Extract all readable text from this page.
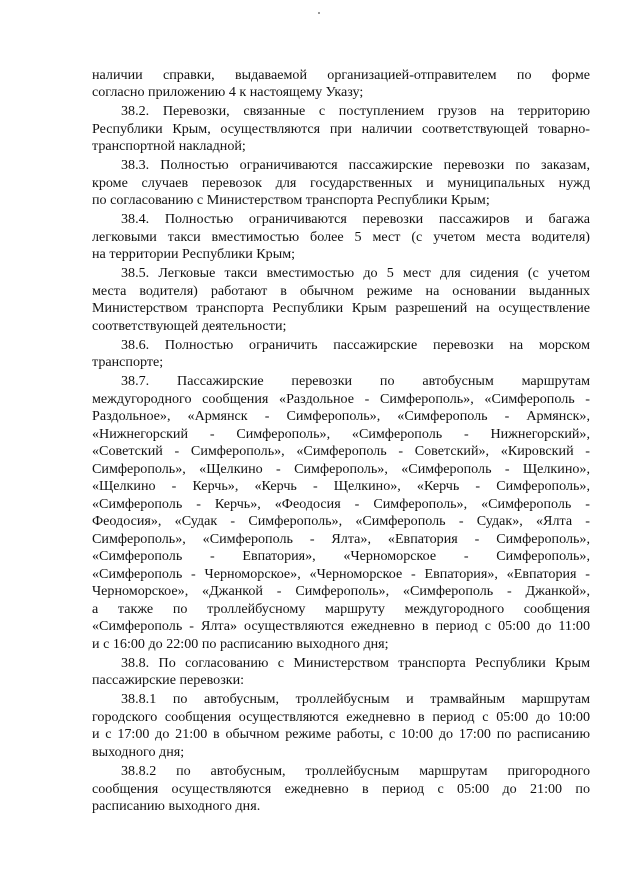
наличии справки, выдаваемой организацией-отправителем по форме
согласно приложению 4 к настоящему Указу;
38.2. Перевозки, связанные с поступлением грузов на территорию
Республики Крым, осуществляются при наличии соответствующей товарно-
транспортной накладной;
38.3. Полностью ограничиваются пассажирские перевозки по заказам,
кроме случаев перевозок для государственных и муниципальных нужд
по согласованию с Министерством транспорта Республики Крым;
38.4. Полностью ограничиваются перевозки пассажиров и багажа
легковыми такси вместимостью более 5 мест (с учетом места водителя)
на территории Республики Крым;
38.5. Легковые такси вместимостью до 5 мест для сидения (с учетом
места водителя) работают в обычном режиме на основании выданных
Министерством транспорта Республики Крым разрешений на осуществление
соответствующей деятельности;
38.6. Полностью ограничить пассажирские перевозки на морском
транспорте;
38.7. Пассажирские перевозки по автобусным маршрутам
междугородного сообщения «Раздольное - Симферополь», «Симферополь -
Раздольное», «Армянск - Симферополь», «Симферополь - Армянск»,
«Нижнегорский - Симферополь», «Симферополь - Нижнегорский»,
«Советский - Симферополь», «Симферополь - Советский», «Кировский -
Симферополь», «Щелкино - Симферополь», «Симферополь - Щелкино»,
«Щелкино - Керчь», «Керчь - Щелкино», «Керчь - Симферополь»,
«Симферополь - Керчь», «Феодосия - Симферополь», «Симферополь -
Феодосия», «Судак - Симферополь», «Симферополь - Судак», «Ялта -
Симферополь», «Симферополь - Ялта», «Евпатория - Симферополь»,
«Симферополь - Евпатория», «Черноморское - Симферополь»,
«Симферополь - Черноморское», «Черноморское - Евпатория», «Евпатория -
Черноморское», «Джанкой - Симферополь», «Симферополь - Джанкой»,
а также по троллейбусному маршруту междугородного сообщения
«Симферополь - Ялта» осуществляются ежедневно в период с 05:00 до 11:00
и с 16:00 до 22:00 по расписанию выходного дня;
38.8. По согласованию с Министерством транспорта Республики Крым
пассажирские перевозки:
38.8.1 по автобусным, троллейбусным и трамвайным маршрутам
городского сообщения осуществляются ежедневно в период с 05:00 до 10:00
и с 17:00 до 21:00 в обычном режиме работы, с 10:00 до 17:00 по расписанию
выходного дня;
38.8.2 по автобусным, троллейбусным маршрутам пригородного
сообщения осуществляются ежедневно в период с 05:00 до 21:00 по
расписанию выходного дня.
